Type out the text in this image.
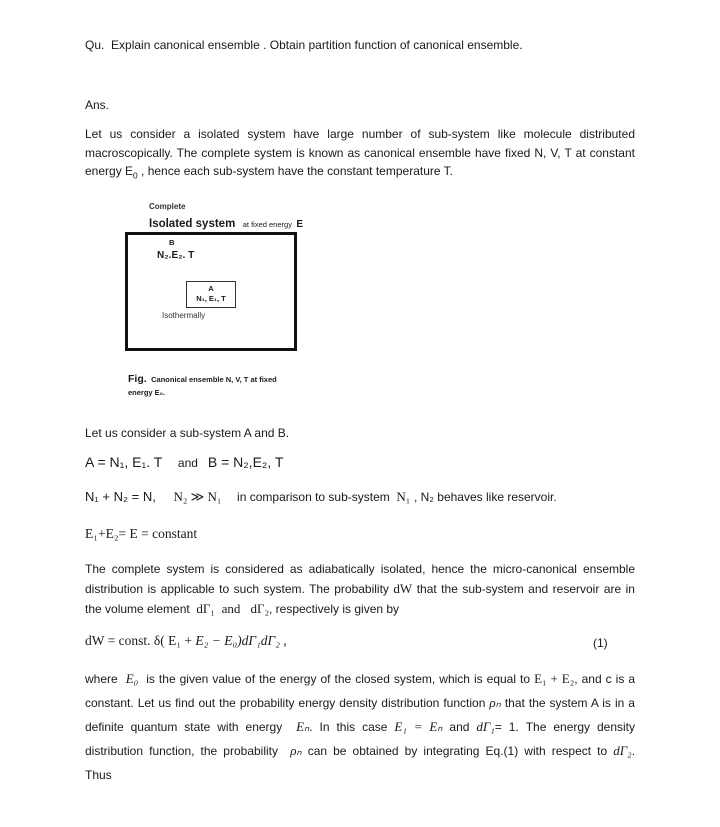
Qu. Explain canonical ensemble . Obtain partition function of canonical ensemble.
Ans.
Let us consider a isolated system have large number of sub-system like molecule distributed
macroscopically. The complete system is known as canonical ensemble have fixed N, V, T at constant
energy $E_0$ , hence each sub-system have the constant temperature T.
Complete
Isolated system at fixed energy E
B
N₂.E₂. T
A
N₁, E₁, T
Isothermally
Fig. Canonical ensemble N, V, T at fixed
energy E₀.
Let us consider a sub-system A and B.
A = N₁, E₁. T and B = N₂,E₂, T
N₁ + N₂ = N, N₂ ≫ N₁ in comparison to sub-system N₁ , N₂ behaves like reservoir.
E₁+E₂= E = constant
The complete system is considered as adiabatically isolated, hence the micro-canonical ensemble
distribution is applicable to such system. The probability dW that the sub-system and reservoir are in
the volume element dΓ₁ and dΓ₂, respectively is given by
dW = const. δ( E₁ + E₂ − E₀)dΓ₁dΓ₂ ,	(1)
where E₀ is the given value of the energy of the closed system, which is equal to E₁ + E₂, and c is a
constant. Let us find out the probability energy density distribution function ρₙ that the system A is in a
definite quantum state with energy Eₙ. In this case E₁ = Eₙ and dΓ₁= 1. The energy density
distribution function, the probability ρₙ can be obtained by integrating Eq.(1) with respect to dΓ₂.
Thus
